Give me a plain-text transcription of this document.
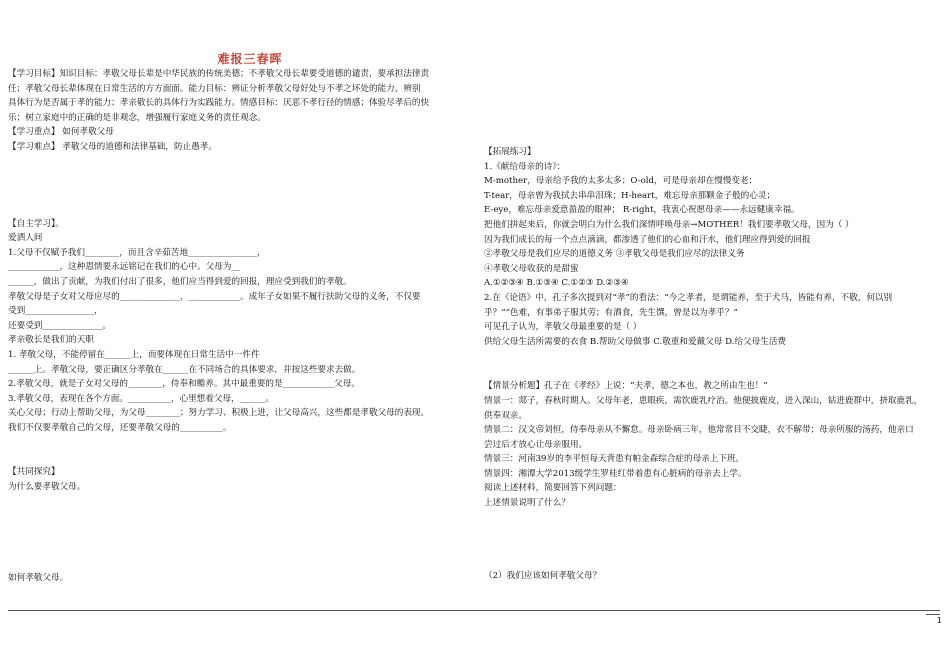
难报三春晖
【学习目标】知识目标：孝敬父母长辈是中华民族的传统美德；不孝敬父母长辈要受道德的谴责，要承担法律责
任；孝敬父母长辈体现在日常生活的方方面面。能力目标：辨证分析孝敬父母好处与不孝之坏处的能力，辨别
具体行为是否属于孝的能力；孝亲敬长的具体行为实践能力。情感目标：厌恶不孝行径的情感；体验尽孝后的快
乐；树立家庭中的正确的是非观念，增强履行家庭义务的责任观念。
【学习重点】 如何孝敬父母
【学习难点】 孝敬父母的道德和法律基础，防止愚孝。
【自主学习】。
爱洒人间
1.父母不仅赋予我们________，而且含辛茹苦地________________，
____________，这种恩情要永远铭记在我们的心中。父母为__
______，做出了贡献，为我们付出了很多，他们应当得到爱的回报，理应受到我们的孝敬。
孝敬父母是子女对父母应尽的______________，____________。成年子女如果不履行扶助父母的义务，不仅要
受到________________，
还要受到______________。
孝亲敬长是我们的天职
1. 孝敬父母，不能停留在______上，而要体现在日常生活中一件件
______上。孝敬父母，要正确区分孝敬在______在不同场合的具体要求，并按这些要求去做。
2.孝敬父母，就是子女对父母的________，侍奉和赡养。其中最重要的是____________父母。
3.孝敬父母，表现在各个方面。__________，心里想着父母，______。
关心父母；行动上帮助父母，为父母________；努力学习、积极上进，让父母高兴，这些都是孝敬父母的表现。
我们不仅要孝敬自己的父母，还要孝敬父母的__________。
【共同探究】
为什么要孝敬父母。
如何孝敬父母。
【拓展练习】
1.《献给母亲的诗》：
M-mother，母亲给予我的太多太多；O-old，可是母亲却在慢慢变老；
T-tear，母亲曾为我拭去串串泪珠；H-heart，难忘母亲那颗金子般的心灵；
E-eye，难忘母亲爱意盈盈的眼神； R-right，我衷心祝愿母亲——永远健康幸福。
把他们拼起来后，你就会明白为什么我们深情呼唤母亲→MOTHER！我们要孝敬父母，因为（ ）
因为我们成长的每一个点点滴滴，都渗透了他们的心血和汗水，他们理应得到爱的回报
②孝敬父母是我们应尽的道德义务 ③孝敬父母是我们应尽的法律义务
④孝敬父母收获的是甜蜜
A.①②③④ B.①③④ C.①②③ D.②③④
2.在《论语》中，孔子多次提到对“孝”的看法：“今之孝者，是谓能养，至于犬马，皆能有养，不敬，何以别
乎？”“色难，有事弟子服其劳；有酒食，先生馔，曾是以为孝乎？”
可见孔子认为，孝敬父母最重要的是（ ）
供给父母生活所需要的衣食 B.帮助父母做事 C.敬重和爱戴父母 D.给父母生活费
【情景分析题】孔子在《孝经》上说：“夫孝，德之本也，教之所由生也！”
情景一：郯子，春秋时期人。父母年老，患眼疾，需饮鹿乳疗治。他便披鹿皮，进入深山，钻进鹿群中，挤取鹿乳，
供奉双亲。
情景二：汉文帝刘恒，侍奉母亲从不懈怠。母亲卧病三年，他常常目不交睫，衣不解带；母亲所服的汤药，他亲口
尝过后才放心让母亲服用。
情景三：河南39岁的李平恒每天背患有帕金森综合症的母亲上下班。
情景四：湘潭大学2013级学生罗桂红带着患有心脏病的母亲去上学。
阅读上述材料，简要回答下列问题：
上述情景说明了什么？
（2）我们应该如何孝敬父母？
1
